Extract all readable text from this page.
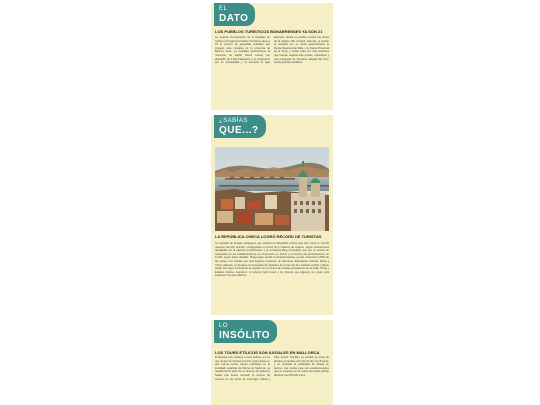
EL
DATO
LOS PUEBLOS TURÍSTICOS BONAERENSES YA SON 21
La reciente incorporación de la localidad de Carhué al Programa Pueblos Turísticos eleva a 21 el número de pequeñas ciudades que integran esta iniciativa de la provincia de Buenos Aires. La localidad perteneciente al municipio de Adolfo Alsina cuenta con alrededor de 2.000 habitantes y se caracteriza por su tranquilidad y la cercanía al lago Epecuén, donde es posible recorrer las ruinas de la antigua villa turística. Además, el pueblo se destaca por su oferta gastronómica, la Fiesta Regional del Mate y la Fiesta Provincial de la Yerra, y recibe cada vez más visitantes que buscan experiencias rurales, naturaleza y una propuesta de descanso alejada del ritmo de las grandes ciudades.
¿SABÍAS
QUE...?
LA REPÚBLICA CHECA LOGRÓ RÉCORD DE TURISTAS
La cantidad de turistas extranjeros que visitaron la República Checa este año creció un 23,4% respecto del año anterior, configurando el récord de 9 millones de viajeros, según estimaciones divulgadas por la agencia CzechTourism y la consultora Blog Consulting. Aun así, el número de huéspedes en los establecimientos se incrementó un 16,1% y el número de pernoctaciones un 14,3%, según datos oficiales. Praga sigue siendo el principal destino, ya que concentra el 60% de las visitas. Los turistas que más llegaron provienen de Alemania, Eslovaquia, Polonia, Rusia y China. Además, se destaca el crecimiento de visitantes de Corea del Sur, Estados Unidos y Reino Unido. El mayor crecimiento se registró en el número de turistas procedentes de la India, China y Estados Unidos. Asimismo, el turismo local creció y los checos que eligieron su propio país superaron los seis millones.
LO
INSÓLITO
LOS TOURS ETÍLICOS SON ILEGALES EN MALLORCA
El llamado pub crawling o tours etílicos, en los que grupos de turistas recorren varios bares en una misma noche, fueron prohibidos en la localidad española de Palma de Mallorca. La medida forma parte de un decreto del gobierno balear que busca combatir el turismo de excesos en las zonas de Llucmajor, Calviá y Sant Antoni. También se limitará la venta de alcohol en tiendas entre las 21.30 y las 8 horas, y se prohibirá la publicidad de fiestas en barcos. Las multas para los establecimientos que no cumplan con la nueva normativa podrán alcanzar los 600.000 euros.
